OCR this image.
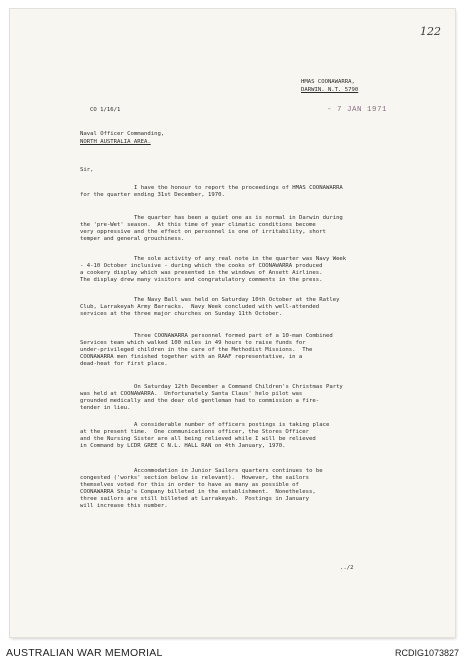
122
HMAS COONAWARRA,
DARWIN. N.T. 5790
- 7 JAN 1971
CO 1/16/1
Naval Officer Commanding,
NORTH AUSTRALIA AREA.
Sir,
I have the honour to report the proceedings of HMAS COONAWARRA
for the quarter ending 31st December, 1970.
The quarter has been a quiet one as is normal in Darwin during
the 'pre-Wet' season.  At this time of year climatic conditions become
very oppressive and the effect on personnel is one of irritability, short
temper and general grouchiness.
The sole activity of any real note in the quarter was Navy Week
- 4-10 October inclusive - during which the cooks of COONAWARRA produced
a cookery display which was presented in the windows of Ansett Airlines.
The display drew many visitors and congratulatory comments in the press.
The Navy Ball was held on Saturday 10th October at the Ratley
Club, Larrakeyah Army Barracks.  Navy Week concluded with well-attended
services at the three major churches on Sunday 11th October.
Three COONAWARRA personnel formed part of a 10-man Combined
Services team which walked 100 miles in 49 hours to raise funds for
under-privileged children in the care of the Methodist Missions.  The
COONAWARRA men finished together with an RAAF representative, in a
dead-heat for first place.
On Saturday 12th December a Command Children's Christmas Party
was held at COONAWARRA.  Unfortunately Santa Claus' helo pilot was
grounded medically and the dear old gentleman had to commission a fire-
tender in lieu.
A considerable number of officers postings is taking place
at the present time.  One communications officer, the Stores Officer
and the Nursing Sister are all being relieved while I will be relieved
in Command by LCDR GREE C N.L. HALL RAN on 4th January, 1970.
Accommodation in Junior Sailors quarters continues to be
congested ('works' section below is relevant).  However, the sailors
themselves voted for this in order to have as many as possible of
COONAWARRA Ship's Company billeted in the establishment.  Nonetheless,
three sailors are still billeted at Larrakeyah.  Postings in January
will increase this number.
../2
AUSTRALIAN WAR MEMORIAL	RCDIG1073827
